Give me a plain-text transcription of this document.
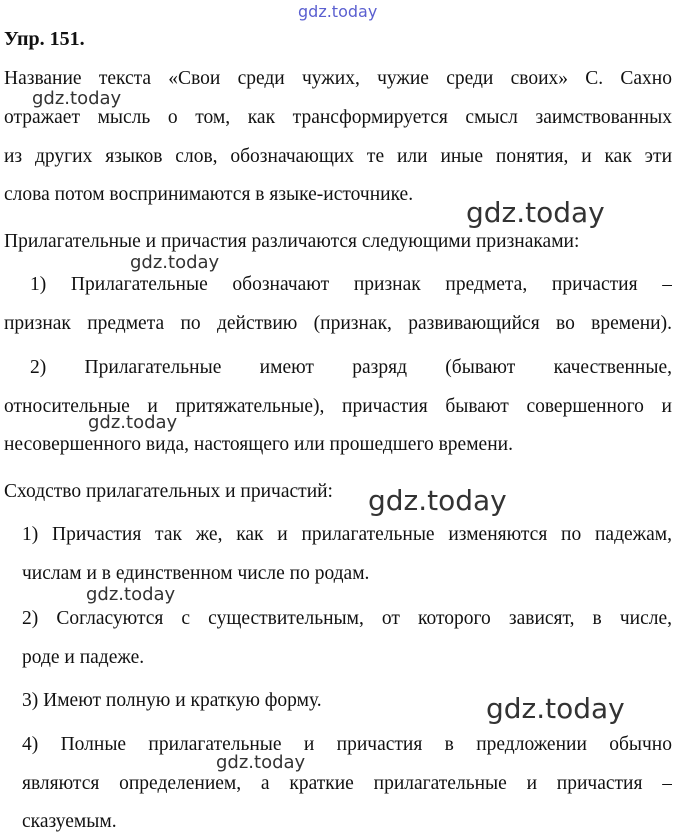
Упр. 151.
Название текста «Свои среди чужих, чужие среди своих» С. Сахно
отражает мысль о том, как трансформируется смысл заимствованных
из других языков слов, обозначающих те или иные понятия, и как эти
слова потом воспринимаются в языке-источнике.
Прилагательные и причастия различаются следующими признаками:
1) Прилагательные обозначают признак предмета, причастия –
признак предмета по действию (признак, развивающийся во времени).
2) Прилагательные имеют разряд (бывают качественные,
относительные и притяжательные), причастия бывают совершенного и
несовершенного вида, настоящего или прошедшего времени.
Сходство прилагательных и причастий:
1) Причастия так же, как и прилагательные изменяются по падежам,
числам и в единственном числе по родам.
2) Согласуются с существительным, от которого зависят, в числе,
роде и падеже.
3) Имеют полную и краткую форму.
4) Полные прилагательные и причастия в предложении обычно
являются определением, а краткие прилагательные и причастия –
сказуемым.
gdz.today
gdz.today
gdz.today
gdz.today
gdz.today
gdz.today
gdz.today
gdz.today
gdz.today
